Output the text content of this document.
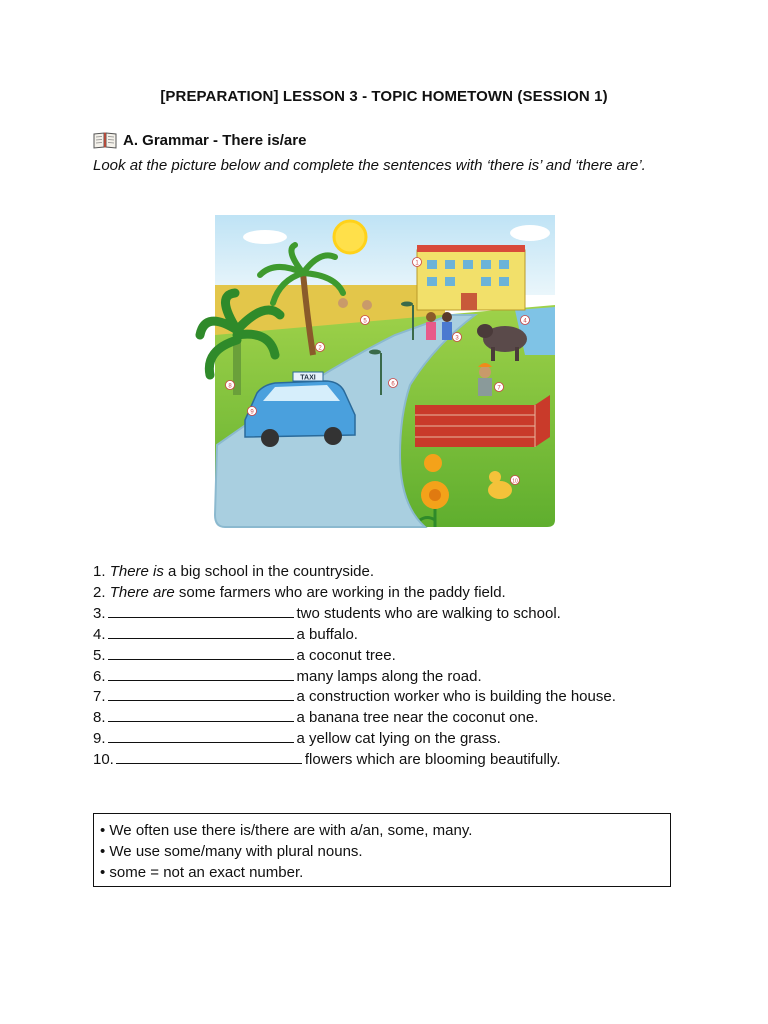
[PREPARATION] LESSON 3 - TOPIC HOMETOWN (SESSION 1)
A. Grammar - There is/are
Look at the picture below and complete the sentences with ‘there is’ and ‘there are’.
TAXI
1
2
3
4
5
6
7
8
9
10
1. There is a big school in the countryside.
2. There are some farmers who are working in the paddy field.
3.	two students who are walking to school.
4.	a buffalo.
5.	a coconut tree.
6.	many lamps along the road.
7.	a construction worker who is building the house.
8.	a banana tree near the coconut one.
9.	a yellow cat lying on the grass.
10.	flowers which are blooming beautifully.
• We often use there is/there are with a/an, some, many.
• We use some/many with plural nouns.
• some = not an exact number.
